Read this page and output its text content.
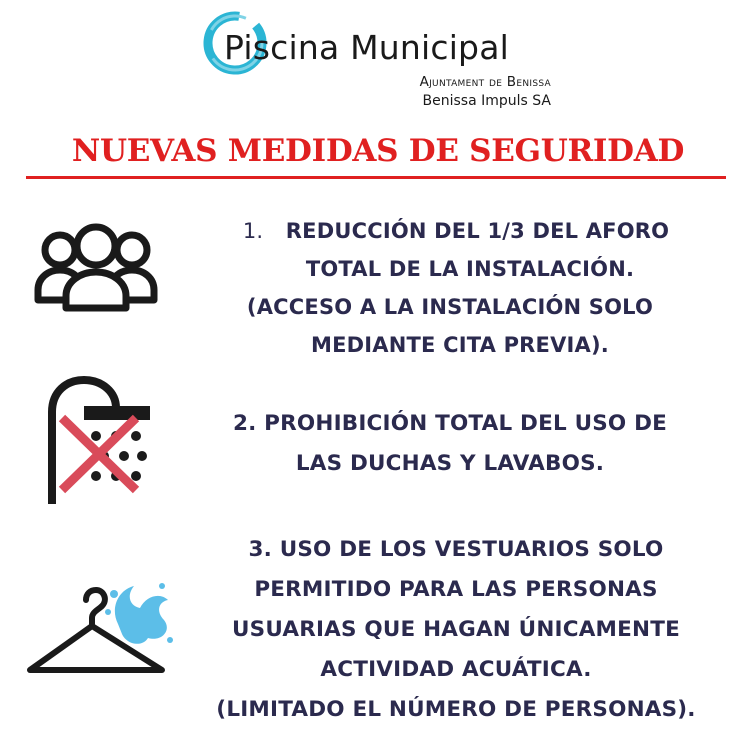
Piscina Municipal
Ajuntament de Benissa
Benissa Impuls SA
NUEVAS MEDIDAS DE SEGURIDAD
1. REDUCCIÓN DEL 1/3 DEL AFORO
TOTAL DE LA INSTALACIÓN.
(ACCESO A LA INSTALACIÓN SOLO
MEDIANTE CITA PREVIA).
2. PROHIBICIÓN TOTAL DEL USO DE
LAS DUCHAS Y LAVABOS.
3. USO DE LOS VESTUARIOS SOLO
PERMITIDO PARA LAS PERSONAS
USUARIAS QUE HAGAN ÚNICAMENTE
ACTIVIDAD ACUÁTICA.
(LIMITADO EL NÚMERO DE PERSONAS).
